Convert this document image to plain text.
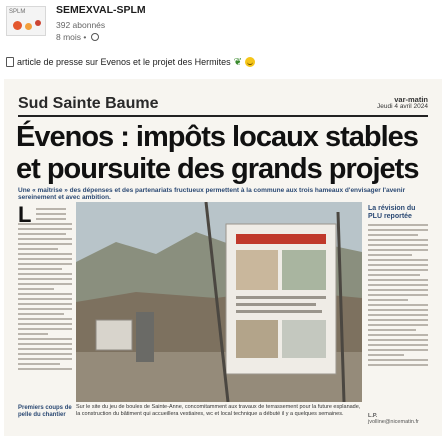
SPLM	SEMEXVAL-SPLM
392 abonnés
8 mois •
article de presse sur Evenos et le projet des Hermites ❦
Sud Sainte Baume	var-matin
Jeudi 4 avril 2024
Évenos : impôts locaux stables
et poursuite des grands projets
Une « maîtrise » des dépenses et des partenariats fructueux permettent à la commune aux trois hameaux d'envisager l'avenir sereinement et avec ambition.
L
Premiers coups de pelle du chantier
Sur le site du jeu de boules de Sainte-Anne, concomitamment aux travaux de terrassement pour la future esplanade, la construction du bâtiment qui accueillera vestiaires, wc et local technique a débuté il y a quelques semaines.
La révision du PLU reportée
L.P.
jvolline@nicematin.fr
